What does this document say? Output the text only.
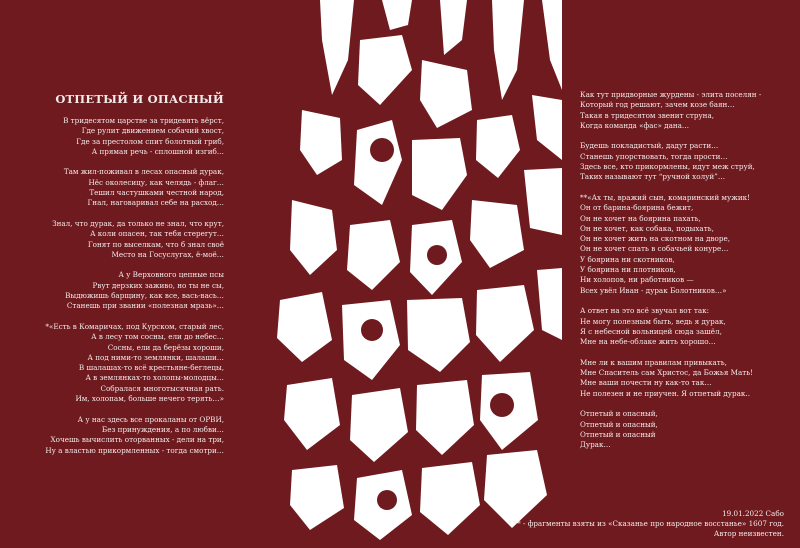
ОТПЕТЫЙ И ОПАСНЫЙ
В тридесятом царстве за тридевять вёрст,
Где рулит движением собачий хвост,
Где за престолом спит болотный гриб,
А прямая речь - сплошной изгиб…
Там жил-поживал в лесах опасный дурак,
Нёс околесицу, как челядь - флаг…
Тешил частушками честной народ,
Гнал, наговаривал себе на расход…
Знал, что дурак, да только не знал, что крут,
А коли опасен, так тебя стерегут…
Гонят по выселкам, что б знал своё
Место на Госуслугах, ё-моё…
А у Верховного цепные псы
Рвут дерзких заживо, но ты не сы,
Выдюжишь барщину, как все, вась-вась…
Станешь при звании «полезная мразь»…
*«Есть в Комаричах, под Курском, старый лес,
А в лесу том сосны, ели до небес…
Сосны, ели да берёзы хороши,
А под ними-то землянки, шалаши…
В шалашах-то всё крестьяне-беглецы,
А в землянках-то холопы-молодцы…
Собралася многотысячная рать.
Им, холопам, больше нечего терять…»
А у нас здесь все прокаланы от ОРВИ,
Без принуждения, а по любви…
Хочешь вычислить оторванных - дели на три,
Ну а властью прикормленных - тогда смотри…
Как тут придворные журдены - элита поселян -
Который год решают, зачем козе баян…
Такая в тридесятом звенит струна,
Когда команда «фас» дана…
Будешь покладистый, дадут расти…
Станешь упорствовать, тогда прости…
Здесь все, кто прикормлены, идут меж струй,
Таких называют тут “ручной холуй”…
**«Ах ты, вражий сын, комаринский мужик!
Он от барина-боярина бежит,
Он не хочет на боярина пахать,
Он не хочет, как собака, подыхать,
Он не хочет жить на скотном на дворе,
Он не хочет спать в собачьей конуре…
У боярина ни скотников,
У боярина ни плотников,
Ни холопов, ни работников —
Всех увёл Иван - дурак Болотников…»
А ответ на это всё звучал вот так:
Не могу полезным быть, ведь я дурак,
Я с небесной вольницей сюда зашёл,
Мне на небе-облаке жить хорошо…
Мне ли к вашим правилам привыкать,
Мне Спаситель сам Христос, да Божья Мать!
Мне ваши почести ну как-то так…
Не полезен и не приучен. Я отпетый дурак..
Отпетый и опасный,
Отпетый и опасный,
Отпетый и опасный
Дурак…
19.01.2022 Сабо
*,** - фрагменты взяты из «Сказанье про народное восстанье» 1607 год.
Автор неизвестен.
